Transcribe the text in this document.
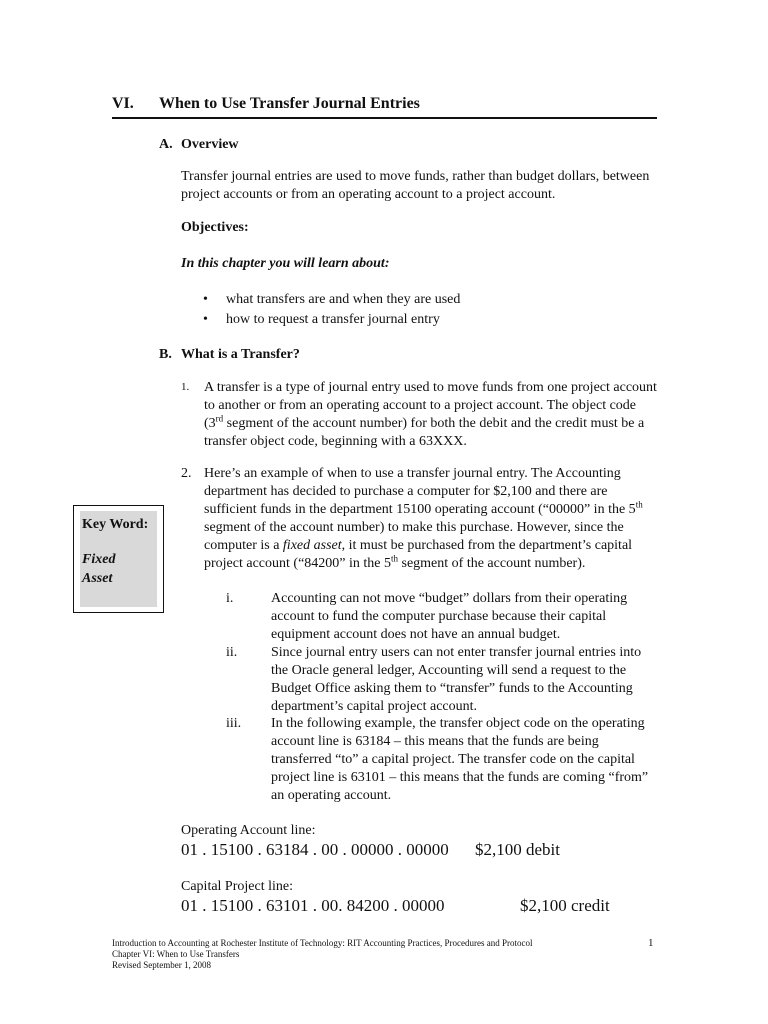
VI. When to Use Transfer Journal Entries
A. Overview
Transfer journal entries are used to move funds, rather than budget dollars, between project accounts or from an operating account to a project account.
Objectives:
In this chapter you will learn about:
• what transfers are and when they are used
• how to request a transfer journal entry
B. What is a Transfer?
1. A transfer is a type of journal entry used to move funds from one project account to another or from an operating account to a project account. The object code (3rd segment of the account number) for both the debit and the credit must be a transfer object code, beginning with a 63XXX.
2. Here’s an example of when to use a transfer journal entry. The Accounting department has decided to purchase a computer for $2,100 and there are sufficient funds in the department 15100 operating account (“00000” in the 5th segment of the account number) to make this purchase. However, since the computer is a fixed asset, it must be purchased from the department’s capital project account (“84200” in the 5th segment of the account number).
i.	Accounting can not move “budget” dollars from their operating account to fund the computer purchase because their capital equipment account does not have an annual budget.
ii. Since journal entry users can not enter transfer journal entries into the Oracle general ledger, Accounting will send a request to the Budget Office asking them to “transfer” funds to the Accounting department’s capital project account.
iii. In the following example, the transfer object code on the operating account line is 63184 – this means that the funds are being transferred “to” a capital project. The transfer code on the capital project line is 63101 – this means that the funds are coming “from” an operating account.
Key Word:
Fixed
Asset
Operating Account line:
01 . 15100 . 63184 . 00 . 00000 . 00000 $2,100 debit
Capital Project line:
01 . 15100 . 63101 . 00. 84200 . 00000	$2,100 credit
Introduction to Accounting at Rochester Institute of Technology: RIT Accounting Practices, Procedures and Protocol
Chapter VI: When to Use Transfers
Revised September 1, 2008
1
